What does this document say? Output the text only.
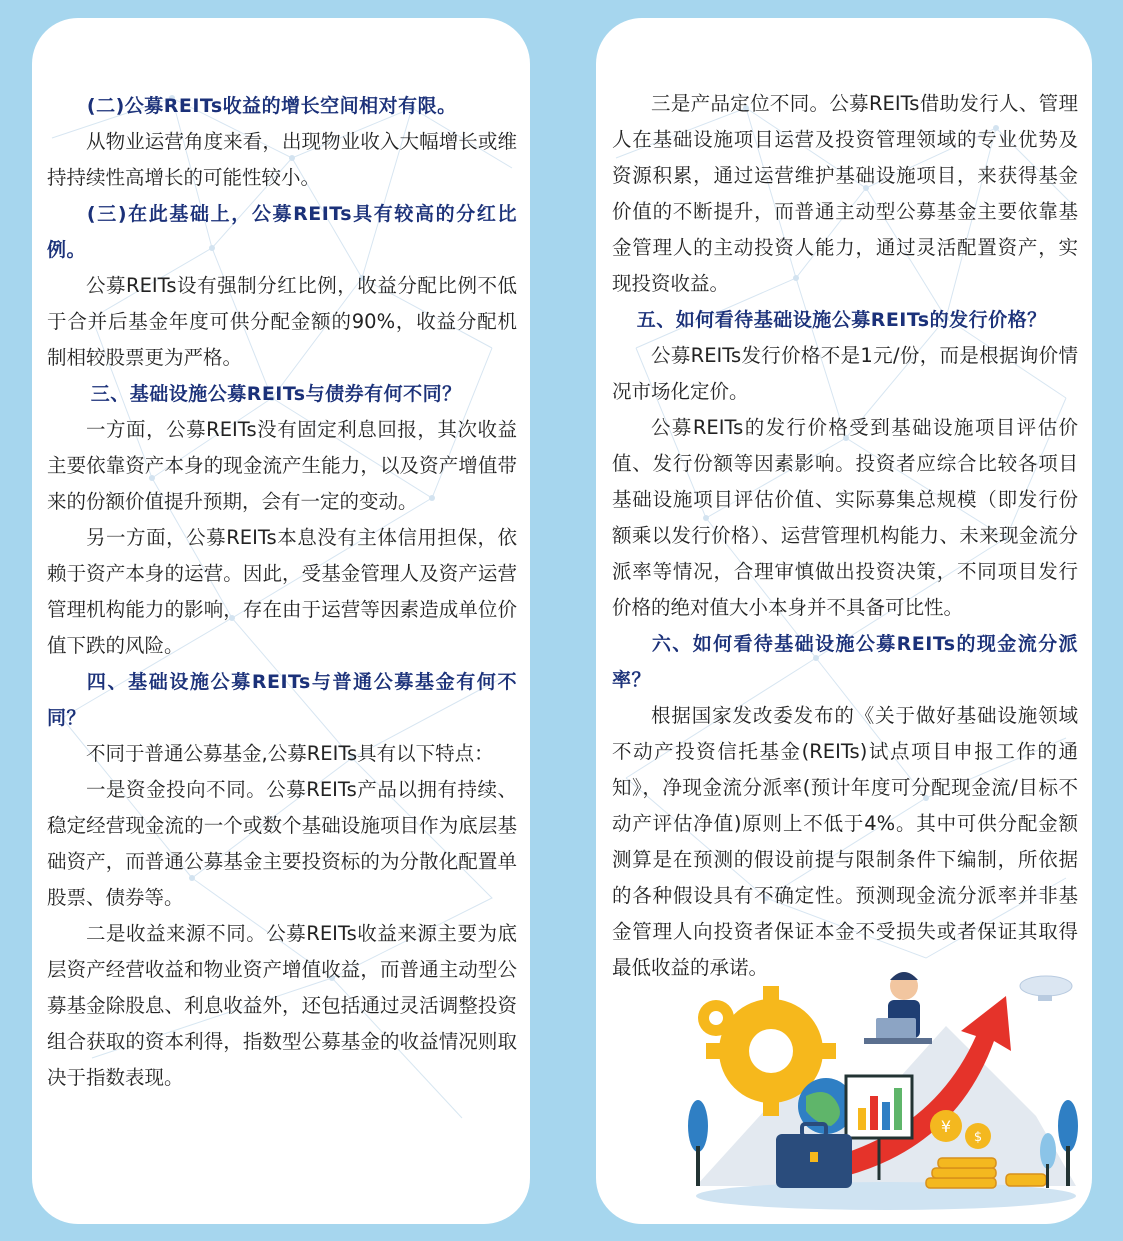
(二)公募REITs收益的增长空间相对有限。

从物业运营角度来看，出现物业收入大幅增长或维持持续性高增长的可能性较小。

(三)在此基础上，公募REITs具有较高的分红比例。

公募REITs设有强制分红比例，收益分配比例不低于合并后基金年度可供分配金额的90%，收益分配机制相较股票更为严格。

三、基础设施公募REITs与债券有何不同？

一方面，公募REITs没有固定利息回报，其次收益主要依靠资产本身的现金流产生能力，以及资产增值带来的份额价值提升预期，会有一定的变动。

另一方面，公募REITs本息没有主体信用担保，依赖于资产本身的运营。因此，受基金管理人及资产运营管理机构能力的影响，存在由于运营等因素造成单位价值下跌的风险。

四、基础设施公募REITs与普通公募基金有何不同？

不同于普通公募基金,公募REITs具有以下特点：

一是资金投向不同。公募REITs产品以拥有持续、稳定经营现金流的一个或数个基础设施项目作为底层基础资产，而普通公募基金主要投资标的为分散化配置单股票、债券等。

二是收益来源不同。公募REITs收益来源主要为底层资产经营收益和物业资产增值收益，而普通主动型公募基金除股息、利息收益外，还包括通过灵活调整投资组合获取的资本利得，指数型公募基金的收益情况则取决于指数表现。

三是产品定位不同。公募REITs借助发行人、管理人在基础设施项目运营及投资管理领域的专业优势及资源积累，通过运营维护基础设施项目，来获得基金价值的不断提升，而普通主动型公募基金主要依靠基金管理人的主动投资人能力，通过灵活配置资产，实现投资收益。

五、如何看待基础设施公募REITs的发行价格？

公募REITs发行价格不是1元/份，而是根据询价情况市场化定价。

公募REITs的发行价格受到基础设施项目评估价值、发行份额等因素影响。投资者应综合比较各项目基础设施项目评估价值、实际募集总规模（即发行份额乘以发行价格）、运营管理机构能力、未来现金流分派率等情况，合理审慎做出投资决策，不同项目发行价格的绝对值大小本身并不具备可比性。

六、如何看待基础设施公募REITs的现金流分派率？

根据国家发改委发布的《关于做好基础设施领域不动产投资信托基金(REITs)试点项目申报工作的通知》，净现金流分派率(预计年度可分配现金流/目标不动产评估净值)原则上不低于4%。其中可供分配金额测算是在预测的假设前提与限制条件下编制，所依据的各种假设具有不确定性。预测现金流分派率并非基金管理人向投资者保证本金不受损失或者保证其取得最低收益的承诺。

¥
$
